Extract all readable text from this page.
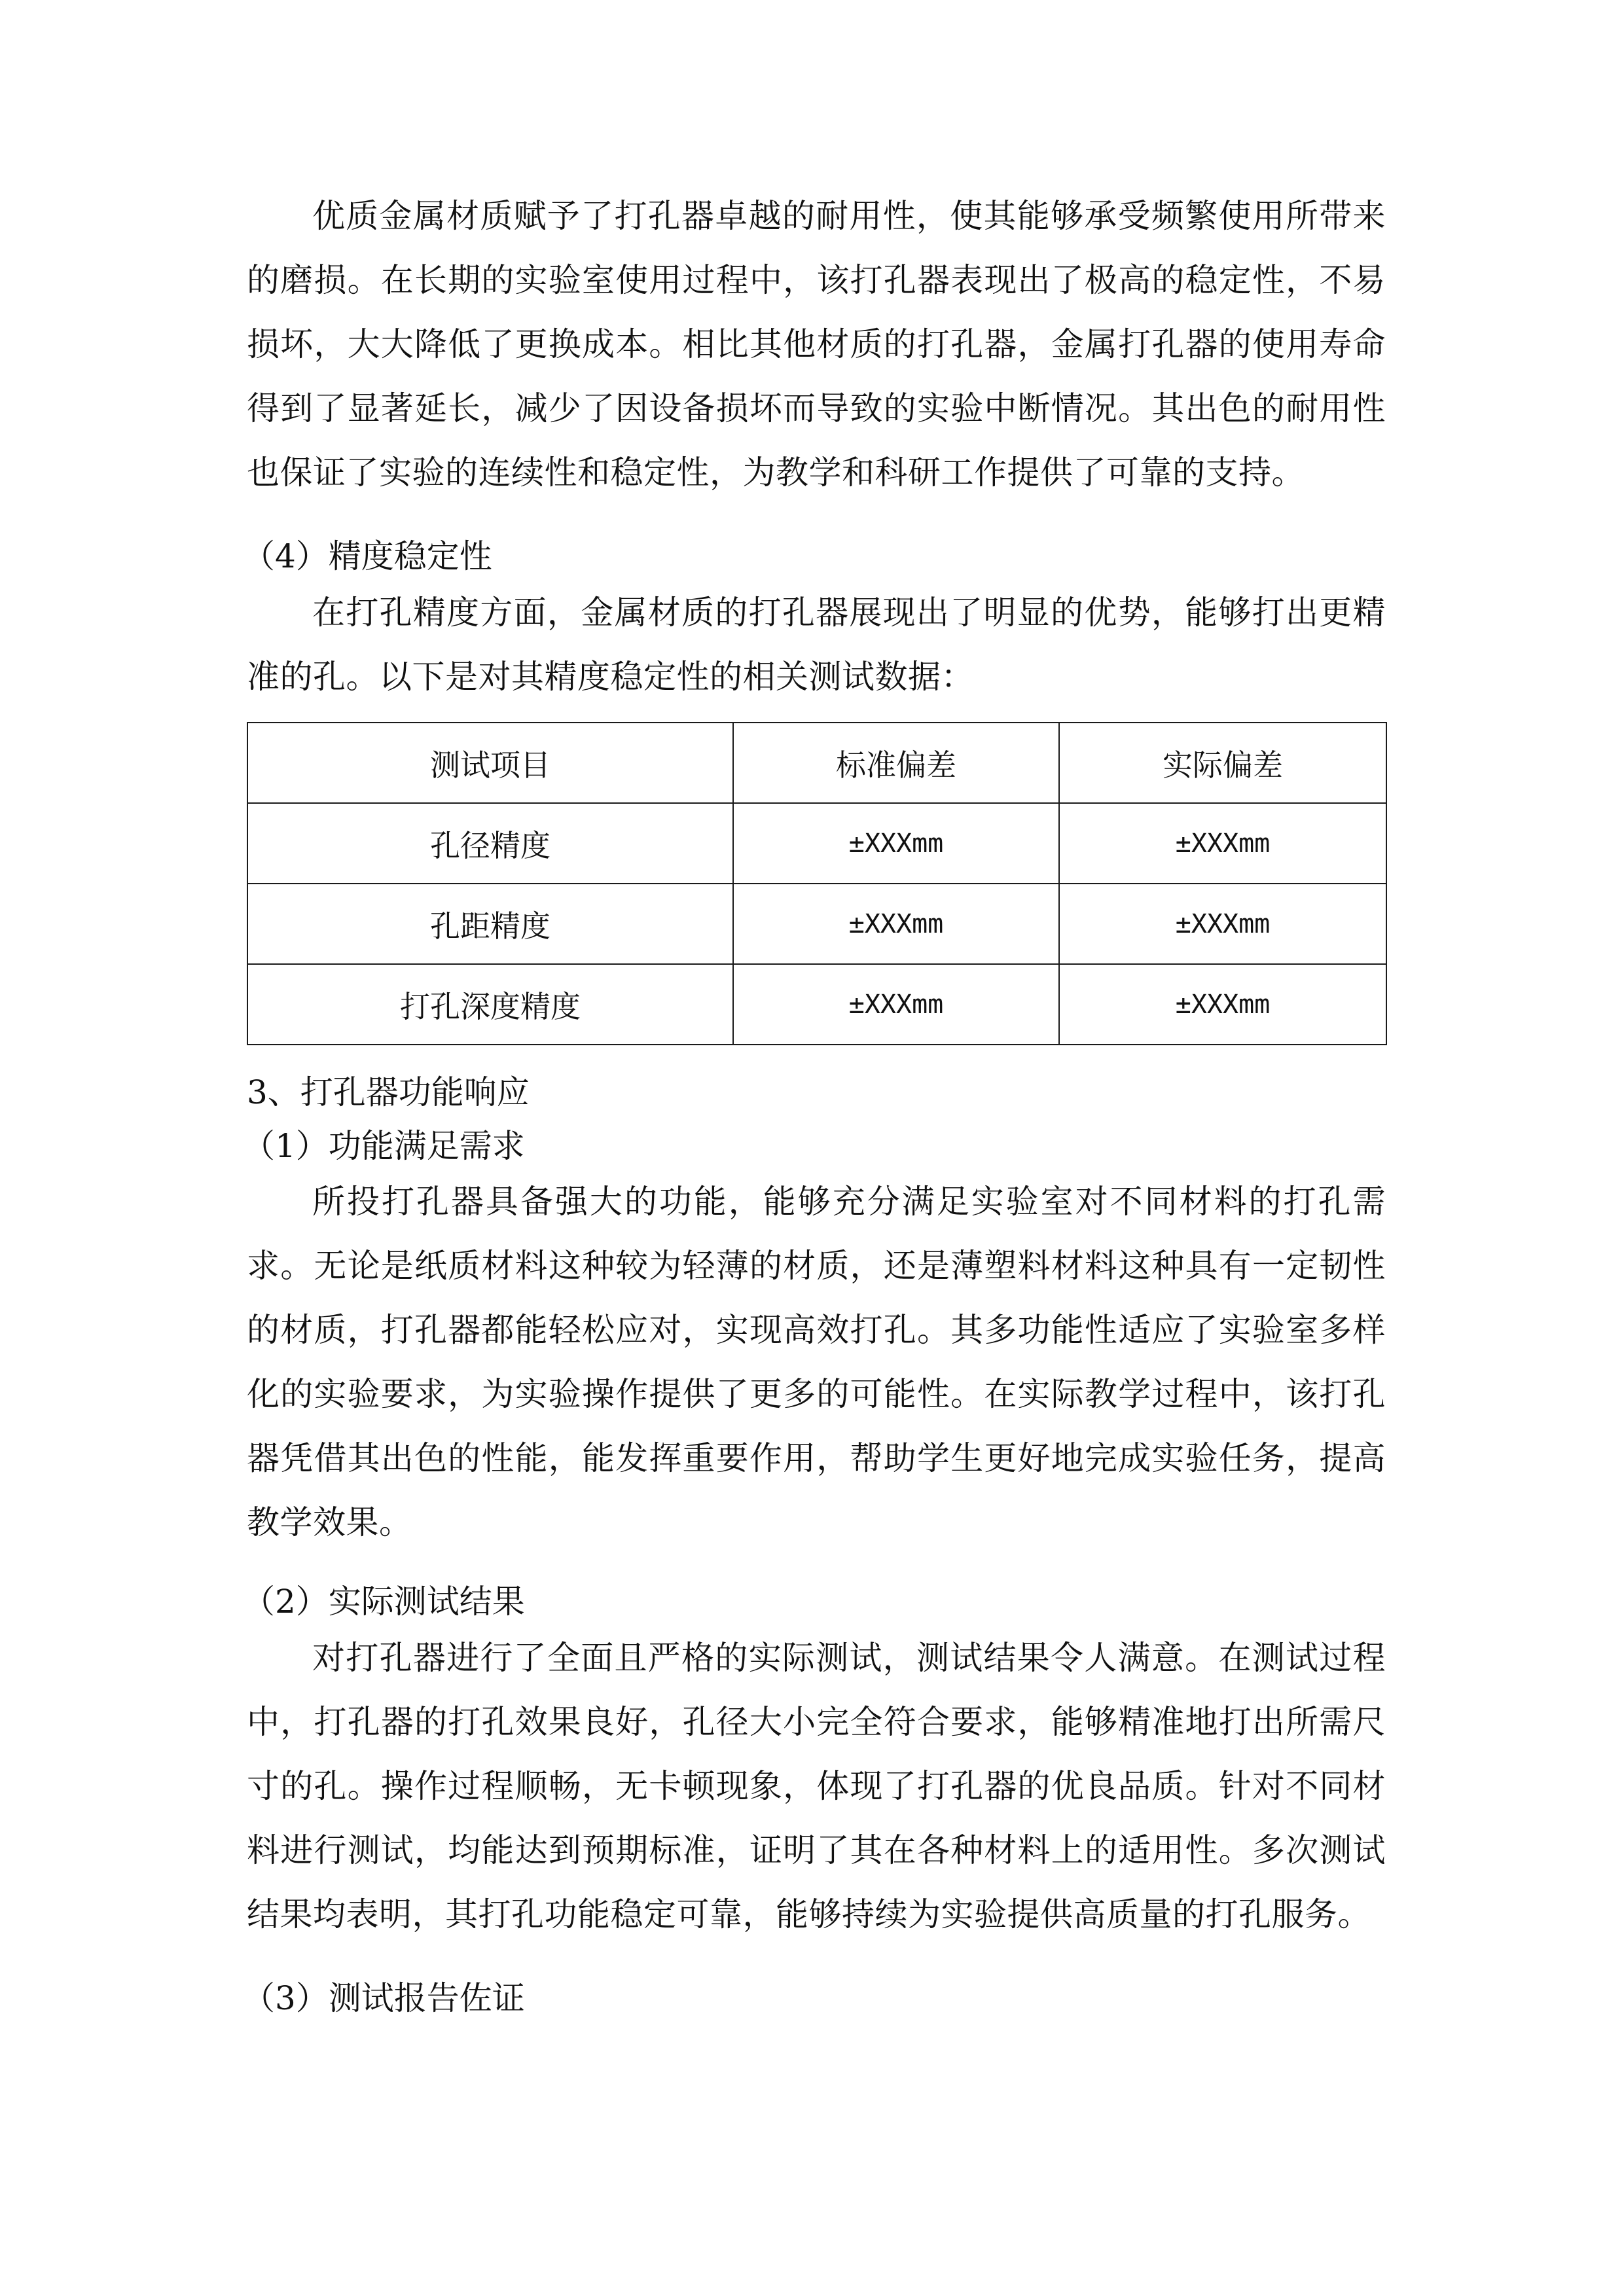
优质金属材质赋予了打孔器卓越的耐用性，使其能够承受频繁使用所带来的磨损。在长期的实验室使用过程中，该打孔器表现出了极高的稳定性，不易损坏，大大降低了更换成本。相比其他材质的打孔器，金属打孔器的使用寿命得到了显著延长，减少了因设备损坏而导致的实验中断情况。其出色的耐用性也保证了实验的连续性和稳定性，为教学和科研工作提供了可靠的支持。

（4）精度稳定性

在打孔精度方面，金属材质的打孔器展现出了明显的优势，能够打出更精准的孔。以下是对其精度稳定性的相关测试数据：

测试项目	标准偏差	实际偏差
孔径精度	±XXXmm	±XXXmm
孔距精度	±XXXmm	±XXXmm
打孔深度精度	±XXXmm	±XXXmm

3、打孔器功能响应

（1）功能满足需求

所投打孔器具备强大的功能，能够充分满足实验室对不同材料的打孔需求。无论是纸质材料这种较为轻薄的材质，还是薄塑料材料这种具有一定韧性的材质，打孔器都能轻松应对，实现高效打孔。其多功能性适应了实验室多样化的实验要求，为实验操作提供了更多的可能性。在实际教学过程中，该打孔器凭借其出色的性能，能发挥重要作用，帮助学生更好地完成实验任务，提高教学效果。

（2）实际测试结果

对打孔器进行了全面且严格的实际测试，测试结果令人满意。在测试过程中，打孔器的打孔效果良好，孔径大小完全符合要求，能够精准地打出所需尺寸的孔。操作过程顺畅，无卡顿现象，体现了打孔器的优良品质。针对不同材料进行测试，均能达到预期标准，证明了其在各种材料上的适用性。多次测试结果均表明，其打孔功能稳定可靠，能够持续为实验提供高质量的打孔服务。

（3）测试报告佐证
